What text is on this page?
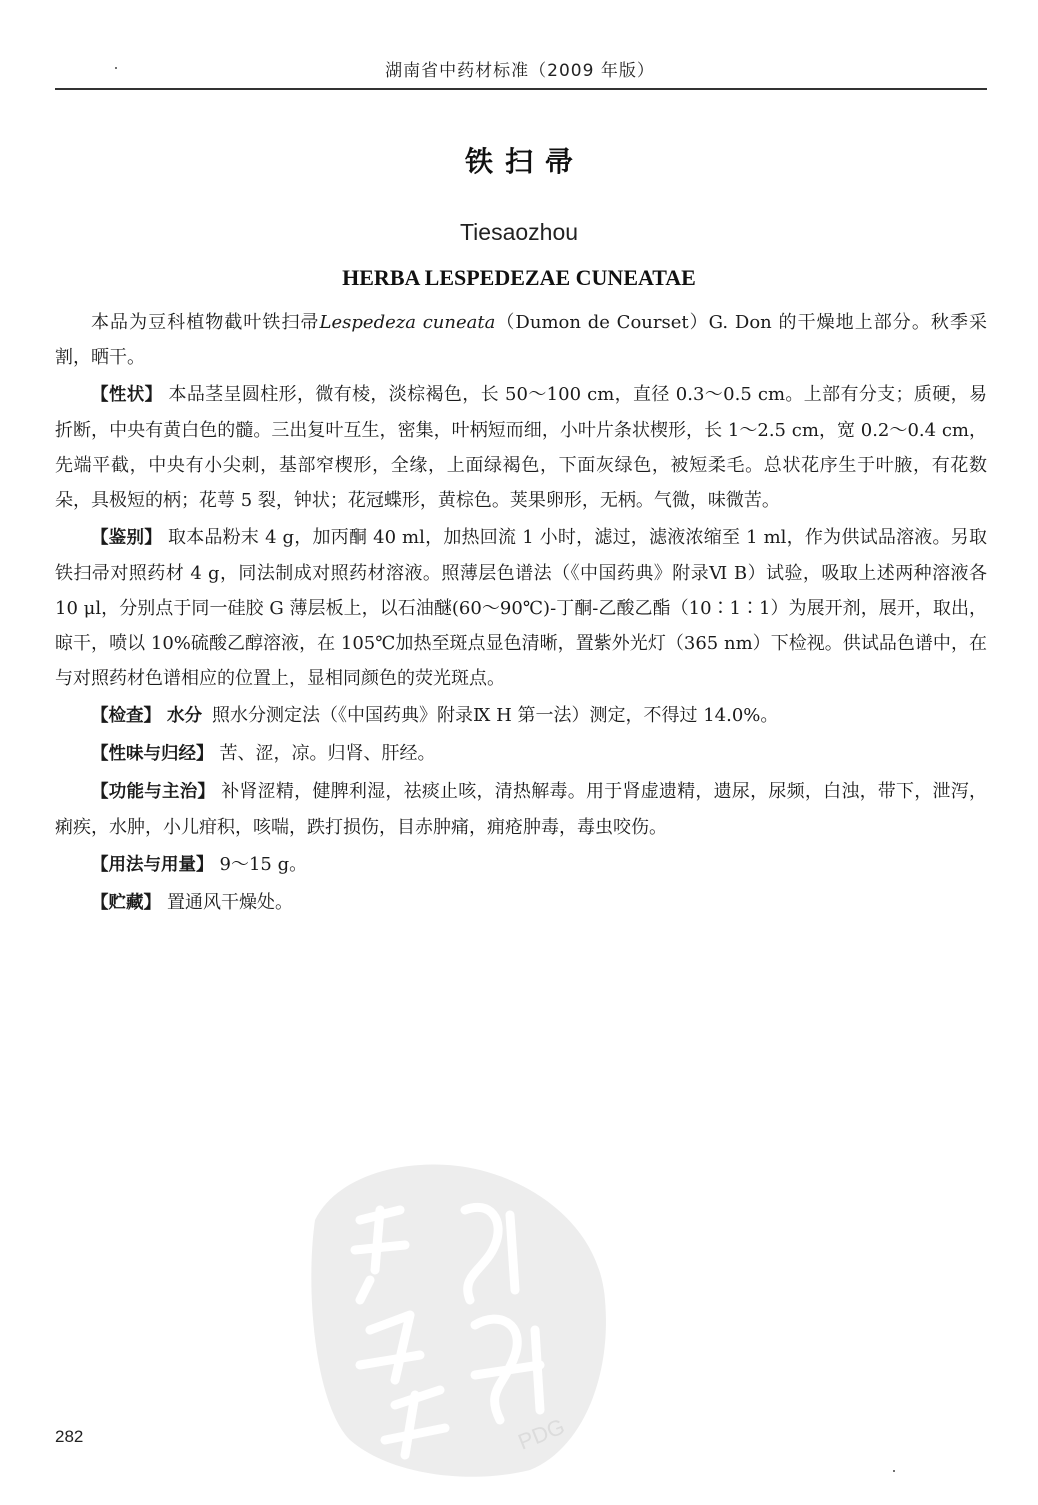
湖南省中药材标准（2009 年版）
铁扫帚
Tiesaozhou
HERBA LESPEDEZAE CUNEATAE

本品为豆科植物截叶铁扫帚Lespedeza cuneata（Dumon de Courset）G. Don 的干燥地上部分。秋季采割，晒干。

【性状】 本品茎呈圆柱形，微有棱，淡棕褐色，长 50～100 cm，直径 0.3～0.5 cm。上部有分支；质硬，易折断，中央有黄白色的髓。三出复叶互生，密集，叶柄短而细，小叶片条状楔形，长 1～2.5 cm，宽 0.2～0.4 cm，先端平截，中央有小尖刺，基部窄楔形，全缘，上面绿褐色，下面灰绿色，被短柔毛。总状花序生于叶腋，有花数朵，具极短的柄；花萼 5 裂，钟状；花冠蝶形，黄棕色。荚果卵形，无柄。气微，味微苦。

【鉴别】 取本品粉末 4 g，加丙酮 40 ml，加热回流 1 小时，滤过，滤液浓缩至 1 ml，作为供试品溶液。另取铁扫帚对照药材 4 g，同法制成对照药材溶液。照薄层色谱法（《中国药典》附录Ⅵ B）试验，吸取上述两种溶液各 10 μl，分别点于同一硅胶 G 薄层板上，以石油醚(60～90℃)-丁酮-乙酸乙酯（10∶1∶1）为展开剂，展开，取出，晾干，喷以 10%硫酸乙醇溶液，在 105℃加热至斑点显色清晰，置紫外光灯（365 nm）下检视。供试品色谱中，在与对照药材色谱相应的位置上，显相同颜色的荧光斑点。

【检查】 水分 照水分测定法（《中国药典》附录Ⅸ H 第一法）测定，不得过 14.0%。

【性味与归经】 苦、涩，凉。归肾、肝经。

【功能与主治】 补肾涩精，健脾利湿，祛痰止咳，清热解毒。用于肾虚遗精，遗尿，尿频，白浊，带下，泄泻，痢疾，水肿，小儿疳积，咳喘，跌打损伤，目赤肿痛，痈疮肿毒，毒虫咬伤。

【用法与用量】 9～15 g。

【贮藏】 置通风干燥处。

PDG
282
